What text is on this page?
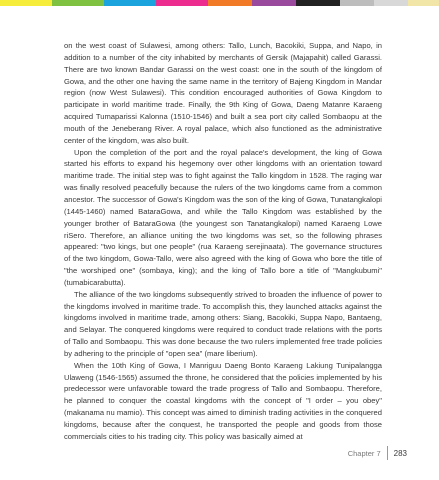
on the west coast of Sulawesi, among others: Tallo, Lunch, Bacokiki, Suppa, and Napo, in addition to a number of the city inhabited by merchants of Gersik (Majapahit) called Garassi. There are two known Bandar Garassi on the west coast: one in the south of the kingdom of Gowa, and the other one having the same name in the territory of Bajeng Kingdom in Mandar region (now West Sulawesi). This condition encouraged authorities of Gowa Kingdom to participate in world maritime trade. Finally, the 9th King of Gowa, Daeng Matanre Karaeng acquired Tumaparissi Kalonna (1510-1546) and built a sea port city called Sombaopu at the mouth of the Jeneberang River. A royal palace, which also functioned as the administrative center of the kingdom, was also built.

Upon the completion of the port and the royal palace's development, the king of Gowa started his efforts to expand his hegemony over other kingdoms with an orientation toward maritime trade. The initial step was to fight against the Tallo kingdom in 1528. The raging war was finally resolved peacefully because the rulers of the two kingdoms came from a common ancestor. The successor of Gowa's Kingdom was the son of the king of Gowa, Tunatangkalopi (1445-1460) named BataraGowa, and while the Tallo Kingdom was established by the younger brother of BataraGowa (the youngest son Tanatangkalopi) named Karaeng Lowe riSero. Therefore, an alliance uniting the two kingdoms was set, so the following phrases appeared: "two kings, but one people" (rua Karaeng serejinaata). The governance structures of the two kingdom, Gowa-Tallo, were also agreed with the king of Gowa who bore the title of "the worshiped one" (sombaya, king); and the king of Tallo bore a title of "Mangkubumi" (tumabicarabutta).

The alliance of the two kingdoms subsequently strived to broaden the influence of power to the kingdoms involved in maritime trade. To accomplish this, they launched attacks against the kingdoms involved in maritime trade, among others: Siang, Bacokiki, Suppa Napo, Bantaeng, and Selayar. The conquered kingdoms were required to conduct trade relations with the ports of Tallo and Sombaopu. This was done because the two rulers implemented free trade policies by adhering to the principle of "open sea" (mare liberium).

When the 10th King of Gowa, I Manriguu Daeng Bonto Karaeng Lakiung Tunipalangga Ulaweng (1546-1565) assumed the throne, he considered that the policies implemented by his predecessor were unfavorable toward the trade progress of Tallo and Sombaopu. Therefore, he planned to conquer the coastal kingdoms with the concept of "I order – you obey" (makanama nu mamio). This concept was aimed to diminish trading activities in the conquered kingdoms, because after the conquest, he transported the people and goods from those commercials cities to his trading city. This policy was basically aimed at

Chapter 7 283
